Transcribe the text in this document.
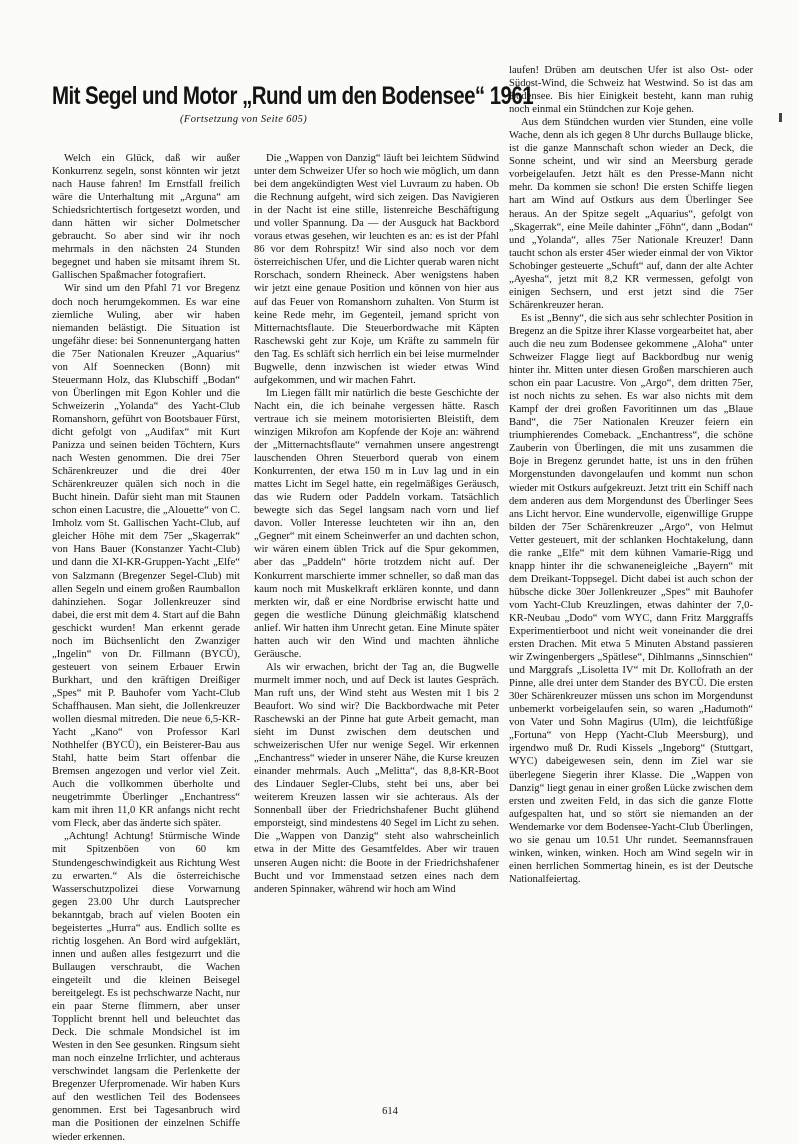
Mit Segel und Motor „Rund um den Bodensee“ 1961
(Fortsetzung von Seite 605)

Welch ein Glück, daß wir außer Konkurrenz segeln, sonst könnten wir jetzt nach Hause fahren! Im Ernstfall freilich wäre die Unterhaltung mit „Arguna“ am Schiedsrichtertisch fortgesetzt worden, und dann hätten wir sicher Dolmetscher gebraucht. So aber sind wir ihr noch mehrmals in den nächsten 24 Stunden begegnet und haben sie mitsamt ihrem St. Gallischen Spaßmacher fotografiert.

Wir sind um den Pfahl 71 vor Bregenz doch noch herumgekommen. Es war eine ziemliche Wuling, aber wir haben niemanden belästigt. Die Situation ist ungefähr diese: bei Sonnenuntergang hatten die 75er Nationalen Kreuzer „Aquarius“ von Alf Soennecken (Bonn) mit Steuermann Holz, das Klubschiff „Bodan“ von Überlingen mit Egon Kohler und die Schweizerin „Yolanda“ des Yacht-Club Romanshorn, geführt von Bootsbauer Fürst, dicht gefolgt von „Audifax“ mit Kurt Panizza und seinen beiden Töchtern, Kurs nach Westen genommen. Die drei 75er Schärenkreuzer und die drei 40er Schärenkreuzer quälen sich noch in die Bucht hinein. Dafür sieht man mit Staunen schon einen Lacustre, die „Alouette“ von C. Imholz vom St. Gallischen Yacht-Club, auf gleicher Höhe mit dem 75er „Skagerrak“ von Hans Bauer (Konstanzer Yacht-Club) und dann die XI-KR-Gruppen-Yacht „Elfe“ von Salzmann (Bregenzer Segel-Club) mit allen Segeln und einem großen Raumballon dahinziehen. Sogar Jollenkreuzer sind dabei, die erst mit dem 4. Start auf die Bahn geschickt wurden! Man erkennt gerade noch im Büchsenlicht den Zwanziger „Ingelin“ von Dr. Fillmann (BYCÜ), gesteuert von seinem Erbauer Erwin Burkhart, und den kräftigen Dreißiger „Spes“ mit P. Bauhofer vom Yacht-Club Schaffhausen. Man sieht, die Jollenkreuzer wollen diesmal mitreden. Die neue 6,5-KR-Yacht „Kano“ von Professor Karl Nothhelfer (BYCÜ), ein Beisterer-Bau aus Stahl, hatte beim Start offenbar die Bremsen angezogen und verlor viel Zeit. Auch die vollkommen überholte und neugetrimmte Überlinger „Enchantress“ kam mit ihren 11,0 KR anfangs nicht recht vom Fleck, aber das änderte sich später.

„Achtung! Achtung! Stürmische Winde mit Spitzenböen von 60 km Stundengeschwindigkeit aus Richtung West zu erwarten.“ Als die österreichische Wasserschutzpolizei diese Vorwarnung gegen 23.00 Uhr durch Lautsprecher bekanntgab, brach auf vielen Booten ein begeistertes „Hurra“ aus. Endlich sollte es richtig losgehen. An Bord wird aufgeklärt, innen und außen alles festgezurrt und die Bullaugen verschraubt, die Wachen eingeteilt und die kleinen Beisegel bereitgelegt. Es ist pechschwarze Nacht, nur ein paar Sterne flimmern, aber unser Topplicht brennt hell und beleuchtet das Deck. Die schmale Mondsichel ist im Westen in den See gesunken. Ringsum sieht man noch einzelne Irrlichter, und achteraus verschwindet langsam die Perlenkette der Bregenzer Uferpromenade. Wir haben Kurs auf den westlichen Teil des Bodensees genommen. Erst bei Tagesanbruch wird man die Positionen der einzelnen Schiffe wieder erkennen.

Die „Wappen von Danzig“ läuft bei leichtem Südwind unter dem Schweizer Ufer so hoch wie möglich, um dann bei dem angekündigten West viel Luvraum zu haben. Ob die Rechnung aufgeht, wird sich zeigen. Das Navigieren in der Nacht ist eine stille, listenreiche Beschäftigung und voller Spannung. Da — der Ausguck hat Backbord voraus etwas gesehen, wir leuchten es an: es ist der Pfahl 86 vor dem Rohrspitz! Wir sind also noch vor dem österreichischen Ufer, und die Lichter querab waren nicht Rorschach, sondern Rheineck. Aber wenigstens haben wir jetzt eine genaue Position und können von hier aus auf das Feuer von Romanshorn zuhalten. Von Sturm ist keine Rede mehr, im Gegenteil, jemand spricht von Mitternachtsflaute. Die Steuerbordwache mit Käpten Raschewski geht zur Koje, um Kräfte zu sammeln für den Tag. Es schläft sich herrlich ein bei leise murmelnder Bugwelle, denn inzwischen ist wieder etwas Wind aufgekommen, und wir machen Fahrt.

Im Liegen fällt mir natürlich die beste Geschichte der Nacht ein, die ich beinahe vergessen hätte. Rasch vertraue ich sie meinem motorisierten Bleistift, dem winzigen Mikrofon am Kopfende der Koje an: während der „Mitternachtsflaute“ vernahmen unsere angestrengt lauschenden Ohren Steuerbord querab von einem Konkurrenten, der etwa 150 m in Luv lag und in ein mattes Licht im Segel hatte, ein regelmäßiges Geräusch, das wie Rudern oder Paddeln vorkam. Tatsächlich bewegte sich das Segel langsam nach vorn und lief davon. Voller Interesse leuchteten wir ihn an, den „Gegner“ mit einem Scheinwerfer an und dachten schon, wir wären einem üblen Trick auf die Spur gekommen, aber das „Paddeln“ hörte trotzdem nicht auf. Der Konkurrent marschierte immer schneller, so daß man das kaum noch mit Muskelkraft erklären konnte, und dann merkten wir, daß er eine Nordbrise erwischt hatte und gegen die westliche Dünung gleichmäßig klatschend anlief. Wir hatten ihm Unrecht getan. Eine Minute später hatten auch wir den Wind und machten ähnliche Geräusche.

Als wir erwachen, bricht der Tag an, die Bugwelle murmelt immer noch, und auf Deck ist lautes Gespräch. Man ruft uns, der Wind steht aus Westen mit 1 bis 2 Beaufort. Wo sind wir? Die Backbordwache mit Peter Raschewski an der Pinne hat gute Arbeit gemacht, man sieht im Dunst zwischen dem deutschen und schweizerischen Ufer nur wenige Segel. Wir erkennen „Enchantress“ wieder in unserer Nähe, die Kurse kreuzen einander mehrmals. Auch „Melitta“, das 8,8-KR-Boot des Lindauer Segler-Clubs, steht bei uns, aber bei weiterem Kreuzen lassen wir sie achteraus. Als der Sonnenball über der Friedrichshafener Bucht glühend emporsteigt, sind mindestens 40 Segel im Licht zu sehen. Die „Wappen von Danzig“ steht also wahrscheinlich etwa in der Mitte des Gesamtfeldes. Aber wir trauen unseren Augen nicht: die Boote in der Friedrichshafener Bucht und vor Immenstaad setzen eines nach dem anderen Spinnaker, während wir hoch am Wind

laufen! Drüben am deutschen Ufer ist also Ost- oder Südost-Wind, die Schweiz hat Westwind. So ist das am Bodensee. Bis hier Einigkeit besteht, kann man ruhig noch einmal ein Stündchen zur Koje gehen.

Aus dem Stündchen wurden vier Stunden, eine volle Wache, denn als ich gegen 8 Uhr durchs Bullauge blicke, ist die ganze Mannschaft schon wieder an Deck, die Sonne scheint, und wir sind an Meersburg gerade vorbeigelaufen. Jetzt hält es den Presse-Mann nicht mehr. Da kommen sie schon! Die ersten Schiffe liegen hart am Wind auf Ostkurs aus dem Überlinger See heraus. An der Spitze segelt „Aquarius“, gefolgt von „Skagerrak“, eine Meile dahinter „Föhn“, dann „Bodan“ und „Yolanda“, alles 75er Nationale Kreuzer! Dann taucht schon als erster 45er wieder einmal der von Viktor Schobinger gesteuerte „Schuft“ auf, dann der alte Achter „Ayesha“, jetzt mit 8,2 KR vermessen, gefolgt von einigen Sechsern, und erst jetzt sind die 75er Schärenkreuzer heran.

Es ist „Benny“, die sich aus sehr schlechter Position in Bregenz an die Spitze ihrer Klasse vorgearbeitet hat, aber auch die neu zum Bodensee gekommene „Aloha“ unter Schweizer Flagge liegt auf Backbordbug nur wenig hinter ihr. Mitten unter diesen Großen marschieren auch schon ein paar Lacustre. Von „Argo“, dem dritten 75er, ist noch nichts zu sehen. Es war also nichts mit dem Kampf der drei großen Favoritinnen um das „Blaue Band“, die 75er Nationalen Kreuzer feiern ein triumphierendes Comeback. „Enchantress“, die schöne Zauberin von Überlingen, die mit uns zusammen die Boje in Bregenz gerundet hatte, ist uns in den frühen Morgenstunden davongelaufen und kommt nun schon wieder mit Ostkurs aufgekreuzt. Jetzt tritt ein Schiff nach dem anderen aus dem Morgendunst des Überlinger Sees ans Licht hervor. Eine wundervolle, eigenwillige Gruppe bilden der 75er Schärenkreuzer „Argo“, von Helmut Vetter gesteuert, mit der schlanken Hochtakelung, dann die ranke „Elfe“ mit dem kühnen Vamarie-Rigg und knapp hinter ihr die schwaneneigleiche „Bayern“ mit dem Dreikant-Toppsegel. Dicht dabei ist auch schon der hübsche dicke 30er Jollenkreuzer „Spes“ mit Bauhofer vom Yacht-Club Kreuzlingen, etwas dahinter der 7,0-KR-Neubau „Dodo“ vom WYC, dann Fritz Marggraffs Experimentierboot und nicht weit voneinander die drei ersten Drachen. Mit etwa 5 Minuten Abstand passieren wir Zwingenbergers „Spätlese“, Dihlmanns „Sinnschien“ und Marggrafs „Lisoletta IV“ mit Dr. Kollofrath an der Pinne, alle drei unter dem Stander des BYCÜ. Die ersten 30er Schärenkreuzer müssen uns schon im Morgendunst unbemerkt vorbeigelaufen sein, so waren „Hadumoth“ von Vater und Sohn Magirus (Ulm), die leichtfüßige „Fortuna“ von Hepp (Yacht-Club Meersburg), und irgendwo muß Dr. Rudi Kissels „Ingeborg“ (Stuttgart, WYC) dabeigewesen sein, denn im Ziel war sie überlegene Siegerin ihrer Klasse. Die „Wappen von Danzig“ liegt genau in einer großen Lücke zwischen dem ersten und zweiten Feld, in das sich die ganze Flotte aufgespalten hat, und so stört sie niemanden an der Wendemarke vor dem Bodensee-Yacht-Club Überlingen, wo sie genau um 10.51 Uhr rundet. Seemannsfrauen winken, winken, winken. Hoch am Wind segeln wir in einen herrlichen Sommertag hinein, es ist der Deutsche Nationalfeiertag.

614
